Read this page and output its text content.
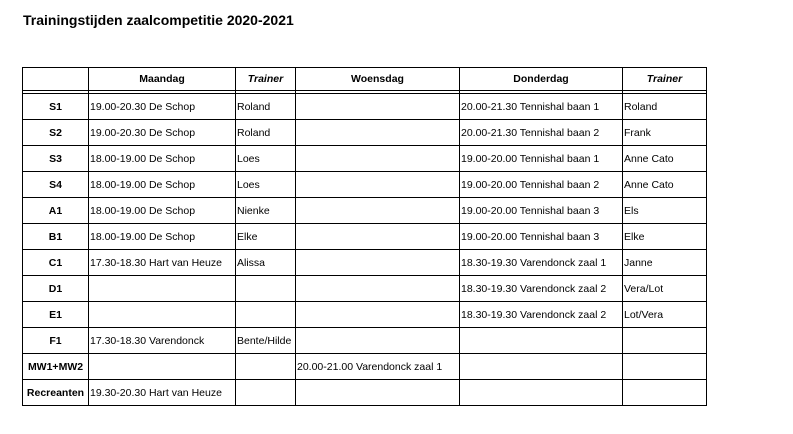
Trainingstijden zaalcompetitie 2020-2021
	Maandag	Trainer	Woensdag	Donderdag	Trainer

S1	19.00-20.30 De Schop	Roland		20.00-21.30 Tennishal baan 1	Roland
S2	19.00-20.30 De Schop	Roland		20.00-21.30 Tennishal baan 2	Frank
S3	18.00-19.00 De Schop	Loes		19.00-20.00 Tennishal baan 1	Anne Cato
S4	18.00-19.00 De Schop	Loes		19.00-20.00 Tennishal baan 2	Anne Cato
A1	18.00-19.00 De Schop	Nienke		19.00-20.00 Tennishal baan 3	Els
B1	18.00-19.00 De Schop	Elke		19.00-20.00 Tennishal baan 3	Elke
C1	17.30-18.30 Hart van Heuze	Alissa		18.30-19.30 Varendonck zaal 1	Janne
D1				18.30-19.30 Varendonck zaal 2	Vera/Lot
E1				18.30-19.30 Varendonck zaal 2	Lot/Vera
F1	17.30-18.30 Varendonck	Bente/Hilde			
MW1+MW2			20.00-21.00 Varendonck zaal 1		
Recreanten	19.30-20.30 Hart van Heuze				
